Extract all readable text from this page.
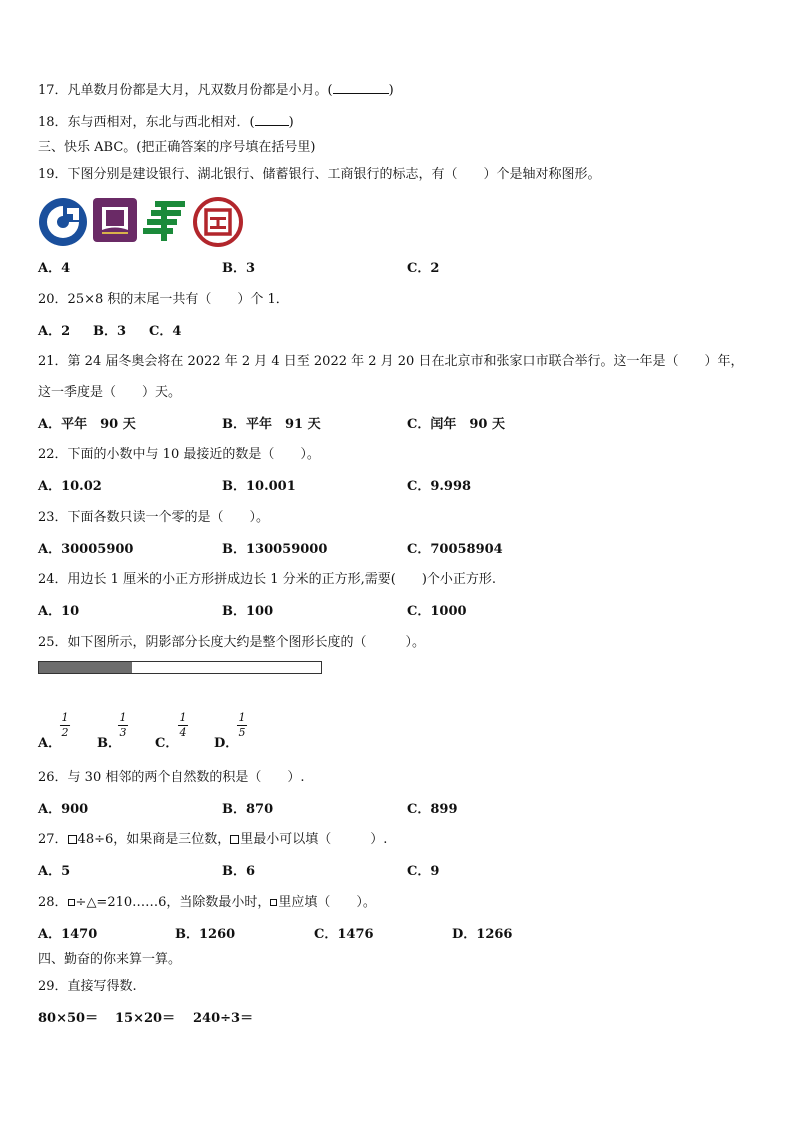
17．凡单数月份都是大月，凡双数月份都是小月。(	)
18．东与西相对，东北与西北相对．(	)
三、快乐 ABC。(把正确答案的序号填在括号里)
19．下图分别是建设银行、湖北银行、储蓄银行、工商银行的标志，有（　　）个是轴对称图形。
A．4	B．3	C．2
20．25×8 积的末尾一共有（　　）个 1．
A．2 B．3 C．4
21．第 24 届冬奥会将在 2022 年 2 月 4 日至 2022 年 2 月 20 日在北京市和张家口市联合举行。这一年是（　　）年，
这一季度是（　　）天。
A．平年　90 天	B．平年　91 天	C．闰年　90 天
22．下面的小数中与 10 最接近的数是（　　）。
A．10.02	B．10.001	C．9.998
23．下面各数只读一个零的是（　　）。
A．30005900	B．130059000	C．70058904
24．用边长 1 厘米的小正方形拼成边长 1 分米的正方形,需要(　　)个小正方形.
A．10	B．100	C．1000
25．如下图所示，阴影部分长度大约是整个图形长度的（　　　）。
A．
1
2
B．
1
3
C．
1
4
D．
1
5
26．与 30 相邻的两个自然数的积是（　　）.
A．900	B．870	C．899
27． 48÷6，如果商是三位数， 里最小可以填（　　　）.
A．5	B．6	C．9
28． ÷△=210……6，当除数最小时， 里应填（　　）。
A．1470	B．1260	C．1476	D．1266
四、勤奋的你来算一算。
29．直接写得数.
80×50＝ 15×20＝ 240÷3＝
